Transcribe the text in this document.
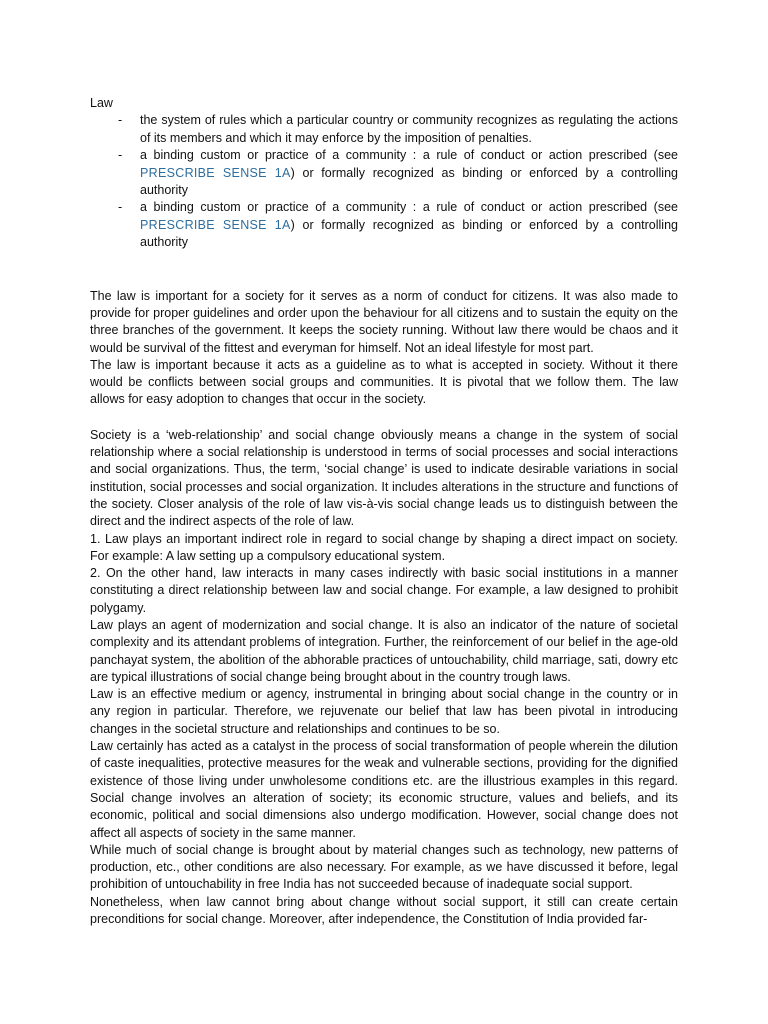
Law

- the system of rules which a particular country or community recognizes as regulating the actions of its members and which it may enforce by the imposition of penalties.
- a binding custom or practice of a community : a rule of conduct or action prescribed (see PRESCRIBE SENSE 1A) or formally recognized as binding or enforced by a controlling authority
- a binding custom or practice of a community : a rule of conduct or action prescribed (see PRESCRIBE SENSE 1A) or formally recognized as binding or enforced by a controlling authority

The law is important for a society for it serves as a norm of conduct for citizens. It was also made to provide for proper guidelines and order upon the behaviour for all citizens and to sustain the equity on the three branches of the government. It keeps the society running. Without law there would be chaos and it would be survival of the fittest and everyman for himself. Not an ideal lifestyle for most part.

The law is important because it acts as a guideline as to what is accepted in society. Without it there would be conflicts between social groups and communities. It is pivotal that we follow them. The law allows for easy adoption to changes that occur in the society.

Society is a ‘web-relationship’ and social change obviously means a change in the system of social relationship where a social relationship is understood in terms of social processes and social interactions and social organizations. Thus, the term, ‘social change’ is used to indicate desirable variations in social institution, social processes and social organization. It includes alterations in the structure and functions of the society. Closer analysis of the role of law vis-à-vis social change leads us to distinguish between the direct and the indirect aspects of the role of law.

1. Law plays an important indirect role in regard to social change by shaping a direct impact on society. For example: A law setting up a compulsory educational system.

2. On the other hand, law interacts in many cases indirectly with basic social institutions in a manner constituting a direct relationship between law and social change. For example, a law designed to prohibit polygamy.

Law plays an agent of modernization and social change. It is also an indicator of the nature of societal complexity and its attendant problems of integration. Further, the reinforcement of our belief in the age-old panchayat system, the abolition of the abhorable practices of untouchability, child marriage, sati, dowry etc are typical illustrations of social change being brought about in the country trough laws.

Law is an effective medium or agency, instrumental in bringing about social change in the country or in any region in particular. Therefore, we rejuvenate our belief that law has been pivotal in introducing changes in the societal structure and relationships and continues to be so.

Law certainly has acted as a catalyst in the process of social transformation of people wherein the dilution of caste inequalities, protective measures for the weak and vulnerable sections, providing for the dignified existence of those living under unwholesome conditions etc. are the illustrious examples in this regard. Social change involves an alteration of society; its economic structure, values and beliefs, and its economic, political and social dimensions also undergo modification. However, social change does not affect all aspects of society in the same manner.

While much of social change is brought about by material changes such as technology, new patterns of production, etc., other conditions are also necessary. For example, as we have discussed it before, legal prohibition of untouchability in free India has not succeeded because of inadequate social support.

Nonetheless, when law cannot bring about change without social support, it still can create certain preconditions for social change. Moreover, after independence, the Constitution of India provided far-
